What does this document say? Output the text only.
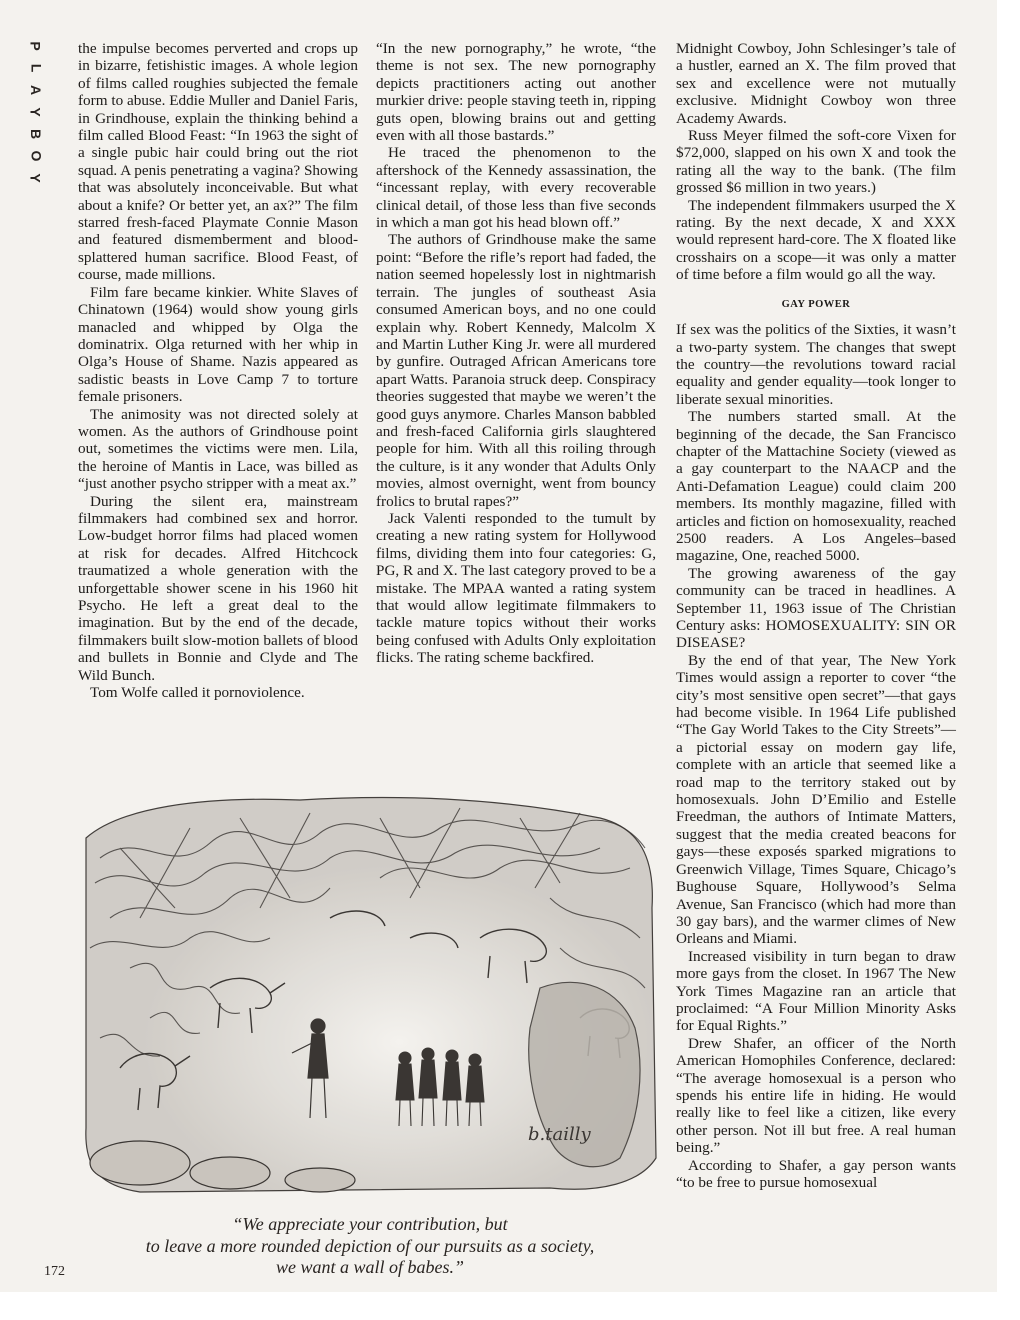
P
L
A
Y
B
O
Y

the impulse becomes perverted and crops up in bizarre, fetishistic images. A whole legion of films called roughies subjected the female form to abuse. Eddie Muller and Daniel Faris, in Grindhouse, explain the thinking behind a film called Blood Feast: “In 1963 the sight of a single pubic hair could bring out the riot squad. A penis penetrating a vagina? Showing that was absolutely inconceivable. But what about a knife? Or better yet, an ax?” The film starred fresh-faced Playmate Connie Mason and featured dismemberment and blood-splattered human sacrifice. Blood Feast, of course, made millions.

Film fare became kinkier. White Slaves of Chinatown (1964) would show young girls manacled and whipped by Olga the dominatrix. Olga returned with her whip in Olga’s House of Shame. Nazis appeared as sadistic beasts in Love Camp 7 to torture female prisoners.

The animosity was not directed solely at women. As the authors of Grindhouse point out, sometimes the victims were men. Lila, the heroine of Mantis in Lace, was billed as “just another psycho stripper with a meat ax.”

During the silent era, mainstream filmmakers had combined sex and horror. Low-budget horror films had placed women at risk for decades. Alfred Hitchcock traumatized a whole generation with the unforgettable shower scene in his 1960 hit Psycho. He left a great deal to the imagination. But by the end of the decade, filmmakers built slow-motion ballets of blood and bullets in Bonnie and Clyde and The Wild Bunch.

Tom Wolfe called it pornoviolence.

“In the new pornography,” he wrote, “the theme is not sex. The new pornography depicts practitioners acting out another murkier drive: people staving teeth in, ripping guts open, blowing brains out and getting even with all those bastards.”

He traced the phenomenon to the aftershock of the Kennedy assassination, the “incessant replay, with every recoverable clinical detail, of those less than five seconds in which a man got his head blown off.”

The authors of Grindhouse make the same point: “Before the rifle’s report had faded, the nation seemed hopelessly lost in nightmarish terrain. The jungles of southeast Asia consumed American boys, and no one could explain why. Robert Kennedy, Malcolm X and Martin Luther King Jr. were all murdered by gunfire. Outraged African Americans tore apart Watts. Paranoia struck deep. Conspiracy theories suggested that maybe we weren’t the good guys anymore. Charles Manson babbled and fresh-faced California girls slaughtered people for him. With all this roiling through the culture, is it any wonder that Adults Only movies, almost overnight, went from bouncy frolics to brutal rapes?”

Jack Valenti responded to the tumult by creating a new rating system for Hollywood films, dividing them into four categories: G, PG, R and X. The last category proved to be a mistake. The MPAA wanted a rating system that would allow legitimate filmmakers to tackle mature topics without their works being confused with Adults Only exploitation flicks. The rating scheme backfired.

Midnight Cowboy, John Schlesinger’s tale of a hustler, earned an X. The film proved that sex and excellence were not mutually exclusive. Midnight Cowboy won three Academy Awards.

Russ Meyer filmed the soft-core Vixen for $72,000, slapped on his own X and took the rating all the way to the bank. (The film grossed $6 million in two years.)

The independent filmmakers usurped the X rating. By the next decade, X and XXX would represent hard-core. The X floated like crosshairs on a scope—it was only a matter of time before a film would go all the way.

GAY POWER

If sex was the politics of the Sixties, it wasn’t a two-party system. The changes that swept the country—the revolutions toward racial equality and gender equality—took longer to liberate sexual minorities.

The numbers started small. At the beginning of the decade, the San Francisco chapter of the Mattachine Society (viewed as a gay counterpart to the NAACP and the Anti-Defamation League) could claim 200 members. Its monthly magazine, filled with articles and fiction on homosexuality, reached 2500 readers. A Los Angeles–based magazine, One, reached 5000.

The growing awareness of the gay community can be traced in headlines. A September 11, 1963 issue of The Christian Century asks: HOMOSEXUALITY: SIN OR DISEASE?

By the end of that year, The New York Times would assign a reporter to cover “the city’s most sensitive open secret”—that gays had become visible. In 1964 Life published “The Gay World Takes to the City Streets”—a pictorial essay on modern gay life, complete with an article that seemed like a road map to the territory staked out by homosexuals. John D’Emilio and Estelle Freedman, the authors of Intimate Matters, suggest that the media created beacons for gays—these exposés sparked migrations to Greenwich Village, Times Square, Chicago’s Bughouse Square, Hollywood’s Selma Avenue, San Francisco (which had more than 30 gay bars), and the warmer climes of New Orleans and Miami.

Increased visibility in turn began to draw more gays from the closet. In 1967 The New York Times Magazine ran an article that proclaimed: “A Four Million Minority Asks for Equal Rights.”

Drew Shafer, an officer of the North American Homophiles Conference, declared: “The average homosexual is a person who spends his entire life in hiding. He would really like to feel like a citizen, like every other person. Not ill but free. A real human being.”

According to Shafer, a gay person wants “to be free to pursue homosexual

b.tailly
“We appreciate your contribution, but
to leave a more rounded depiction of our pursuits as a society,
we want a wall of babes.”
172
